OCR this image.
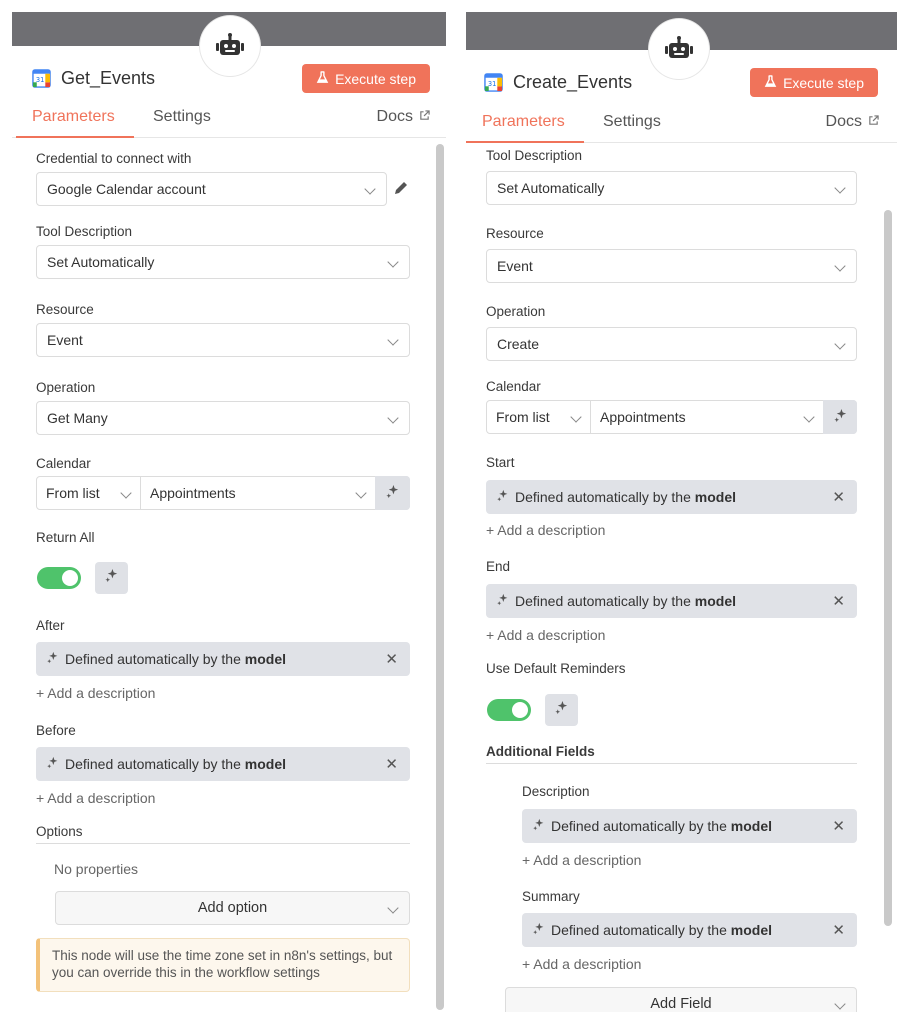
31 Get_Events	Execute step
Parameters Settings	Docs
Credential to connect with
Google Calendar account
Tool Description
Set Automatically
Resource
Event
Operation
Get Many
Calendar
From list	Appointments
Return All
After
Defined automatically by the model	✕
+ Add a description
Before
Defined automatically by the model	✕
+ Add a description
Options
No properties
Add option
This node will use the time zone set in n8n's settings, but you can override this in the workflow settings
31 Create_Events	Execute step
Parameters Settings	Docs
Tool Description
Set Automatically
Resource
Event
Operation
Create
Calendar
From list	Appointments
Start
Defined automatically by the model	✕
+ Add a description
End
Defined automatically by the model	✕
+ Add a description
Use Default Reminders
Additional Fields
Description
Defined automatically by the model	✕
+ Add a description
Summary
Defined automatically by the model	✕
+ Add a description
Add Field
